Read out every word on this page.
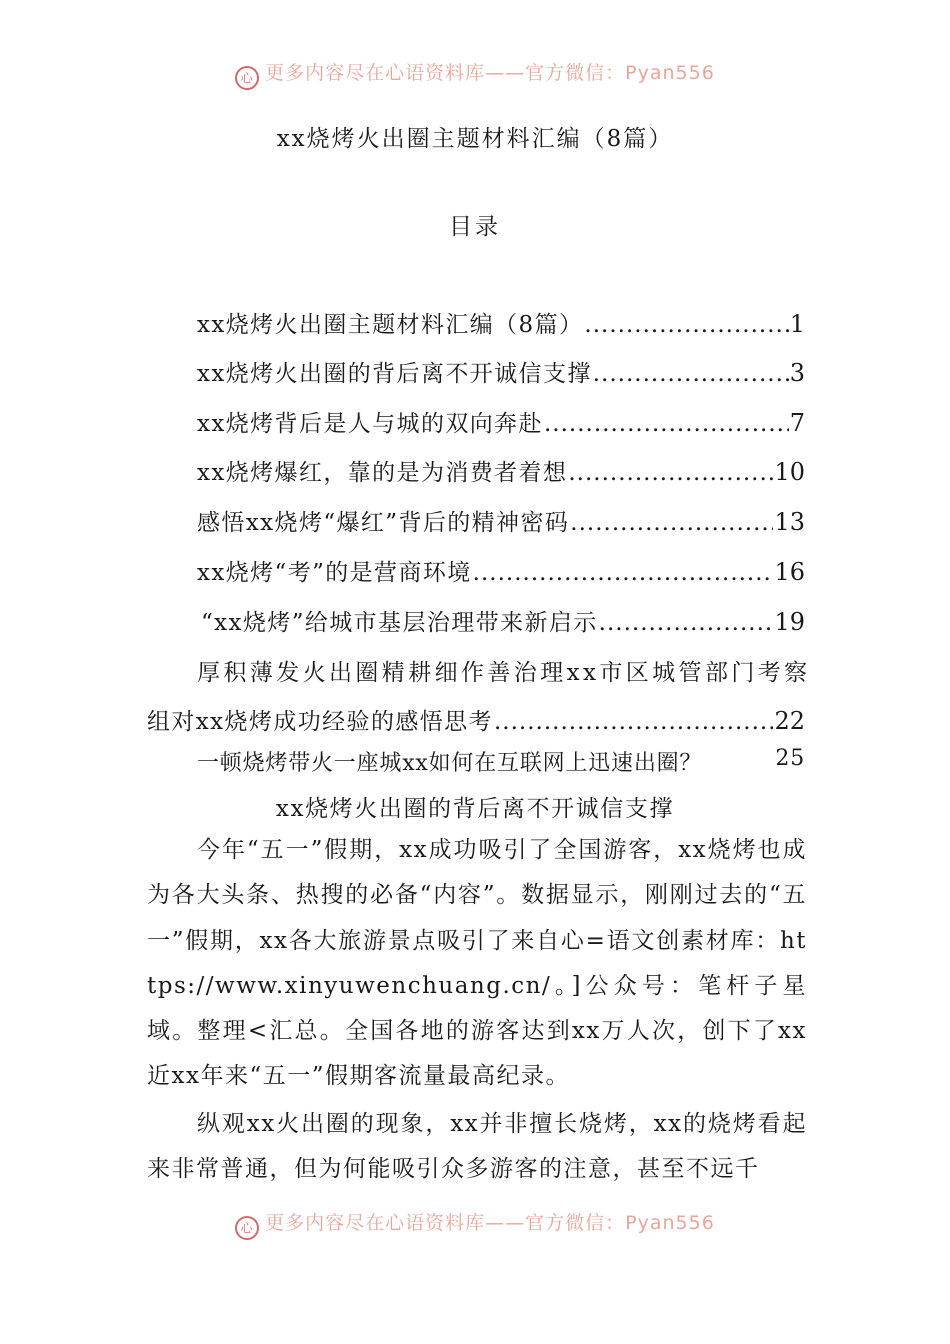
心 更多内容尽在心语资料库——官方微信：Pyan556
xx烧烤火出圈主题材料汇编（8篇）
目录
xx烧烤火出圈主题材料汇编（8篇） .....	1
xx烧烤火出圈的背后离不开诚信支撑 .....	3
xx烧烤背后是人与城的双向奔赴 .....	7
xx烧烤爆红，靠的是为消费者着想 .....	10
感悟xx烧烤“爆红”背后的精神密码 .....	13
xx烧烤“考”的是营商环境 .....	16
“xx烧烤”给城市基层治理带来新启示 .....	19
厚积薄发火出圈精耕细作善治理xx市区城管部门考察
组对xx烧烤成功经验的感悟思考 .....	22
一顿烧烤带火一座城xx如何在互联网上迅速出圈？	25
xx烧烤火出圈的背后离不开诚信支撑
今年“五一”假期，xx成功吸引了全国游客，xx烧烤也成为各大头条、热搜的必备“内容”。数据显示，刚刚过去的“五一”假期，xx各大旅游景点吸引了来自心=语文创素材库：https://www.xinyuwenchuang.cn/。]公众号：笔杆子星域。整理<汇总。全国各地的游客达到xx万人次，创下了xx近xx年来“五一”假期客流量最高纪录。
纵观xx火出圈的现象，xx并非擅长烧烤，xx的烧烤看起来非常普通，但为何能吸引众多游客的注意，甚至不远千
心 更多内容尽在心语资料库——官方微信：Pyan556
